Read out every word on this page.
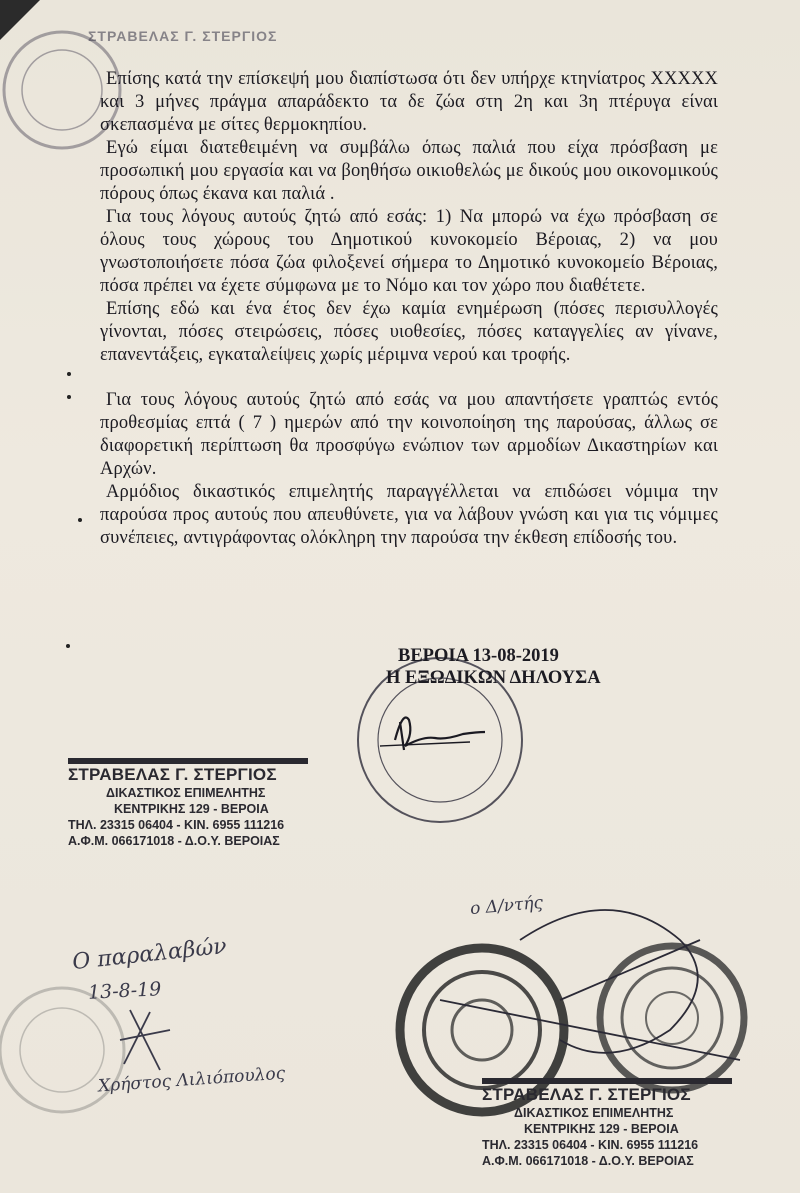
ΣΤΡΑΒΕΛΑΣ Γ. ΣΤΕΡΓΙΟΣ

Επίσης κατά την επίσκεψή μου διαπίστωσα ότι δεν υπήρχε κτηνίατρος ΧΧΧΧΧ και 3 μήνες πράγμα απαράδεκτο τα δε ζώα στη 2η και 3η πτέρυγα είναι σκεπασμένα με σίτες θερμοκηπίου.

Εγώ είμαι διατεθειμένη να συμβάλω όπως παλιά που είχα πρόσβαση με προσωπική μου εργασία και να βοηθήσω οικιοθελώς με δικούς μου οικονομικούς πόρους όπως έκανα και παλιά .

Για τους λόγους αυτούς ζητώ από εσάς: 1) Να μπορώ να έχω πρόσβαση σε όλους τους χώρους του Δημοτικού κυνοκομείο Βέροιας, 2) να μου γνωστοποιήσετε πόσα ζώα φιλοξενεί σήμερα το Δημοτικό κυνοκομείο Βέροιας, πόσα πρέπει να έχετε σύμφωνα με το Νόμο και τον χώρο που διαθέτετε.

Επίσης εδώ και ένα έτος δεν έχω καμία ενημέρωση (πόσες περισυλλογές γίνονται, πόσες στειρώσεις, πόσες υιοθεσίες, πόσες καταγγελίες αν γίνανε, επανεντάξεις, εγκαταλείψεις χωρίς μέριμνα νερού και τροφής.

Για τους λόγους αυτούς ζητώ από εσάς να μου απαντήσετε γραπτώς εντός προθεσμίας επτά ( 7 ) ημερών από την κοινοποίηση της παρούσας, άλλως σε διαφορετική περίπτωση θα προσφύγω ενώπιον των αρμοδίων Δικαστηρίων και Αρχών.

Αρμόδιος δικαστικός επιμελητής παραγγέλλεται να επιδώσει νόμιμα την παρούσα προς αυτούς που απευθύνετε, για να λάβουν γνώση και για τις νόμιμες συνέπειες, αντιγράφοντας ολόκληρη την παρούσα την έκθεση επίδοσής του.

ΒΕΡΟΙΑ 13-08-2019
Η ΕΞΩΔΙΚΩΝ ΔΗΛΟΥΣΑ
ΣΤΡΑΒΕΛΑΣ Γ. ΣΤΕΡΓΙΟΣ
ΔΙΚΑΣΤΙΚΟΣ ΕΠΙΜΕΛΗΤΗΣ
ΚΕΝΤΡΙΚΗΣ 129 - ΒΕΡΟΙΑ
ΤΗΛ. 23315 06404 - ΚΙΝ. 6955 111216
Α.Φ.Μ. 066171018 - Δ.Ο.Υ. ΒΕΡΟΙΑΣ
ΣΤΡΑΒΕΛΑΣ Γ. ΣΤΕΡΓΙΟΣ
ΔΙΚΑΣΤΙΚΟΣ ΕΠΙΜΕΛΗΤΗΣ
ΚΕΝΤΡΙΚΗΣ 129 - ΒΕΡΟΙΑ
ΤΗΛ. 23315 06404 - ΚΙΝ. 6955 111216
Α.Φ.Μ. 066171018 - Δ.Ο.Υ. ΒΕΡΟΙΑΣ
Ο παραλαβών
13-8-19
Χρήστος Λιλιόπουλος
ο Δ/ντής
